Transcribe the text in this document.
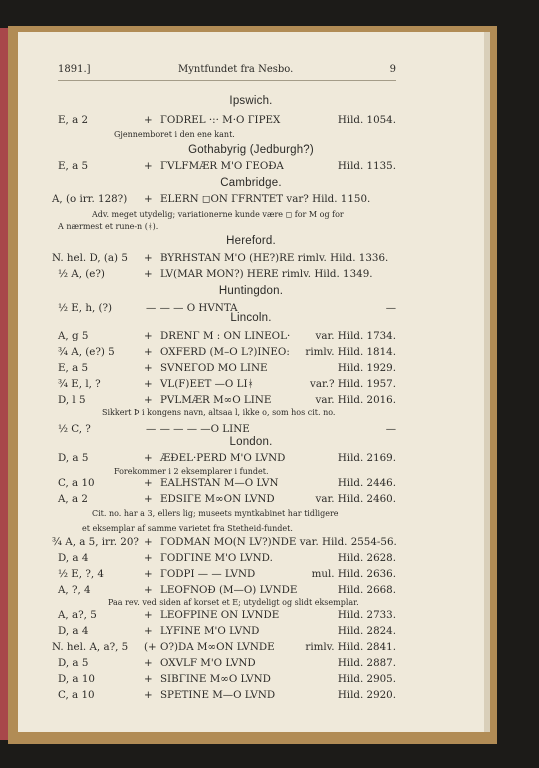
1891.]	Myntfundet fra Nesbo.	9
Ipswich.
E, a 2	+ ГODREL ·:· M·O ГIPEX	Hild. 1054.
Gjennemboret i den ene kant.
Gothabyrig (Jedburgh?)
E, a 5	+ ΓVLFMÆR M'O ГEOÐA	Hild. 1135.
Cambridge.
A, (o irr. 128?) + ELERN ◻ON ГFRNTET var? Hild. 1150.
Adv. meget utydelig; variationerne kunde være ◻ for M og for
A nærmest et rune-n (ᚼ).
Hereford.
N. hel. D, (a) 5 + BYRHSTAN M'O (HE?)RE rimlv. Hild. 1336.
½ A, (e?)	+ LV(MAR MON?) HERE rimlv. Hild. 1349.
Huntingdon.
½ E, h, (?)	— — — O HVNTA	—
Lincoln.
A, g 5	+ DRENΓ M : ON LINEOL· var. Hild. 1734.
¾ A, (e?) 5	+ OXFERD (M–O L?)INEO: rimlv. Hild. 1814.
E, a 5	+ SVNEГOD MO LINE	Hild. 1929.
¾ E, l, ?	+ VL(F)EET —O LIᚼ	var.? Hild. 1957.
D, l 5	+ PVLMÆR M∞O LINE	var. Hild. 2016.
Sikkert Þ i kongens navn, altsaa l, ikke o, som hos cit. no.
½ C, ?	— — — — —O LINE	—
London.
D, a 5	+ ÆÐEL·PERD M'O LVND	Hild. 2169.
Forekommer i 2 eksemplarer i fundet.
C, a 10	+ EALHSTAN M—O LVN	Hild. 2446.
A, a 2	+ EDSIГE M∞ON LVND	var. Hild. 2460.
Cit. no. har a 3, ellers lig; museets myntkabinet har tidligere
et eksemplar af samme varietet fra Stetheid-fundet.
¾ A, a 5, irr. 20? + ГODMAN MO(N LV?)NDE var. Hild. 2554-56.
D, a 4	+ ГODΓINE M'O LVND.	Hild. 2628.
½ E, ?, 4	+ ГODPI — — LVND	mul. Hild. 2636.
A, ?, 4	+ LEOFNOÐ (M—O) LVNDE	Hild. 2668.
Paa rev. ved siden af korset et E; utydeligt og slidt eksemplar.
A, a?, 5	+ LEOFPINE ON LVNDE	Hild. 2733.
D, a 4	+ LYFINE M'O LVND	Hild. 2824.
N. hel. A, a?, 5 (+ O?)DA M∞ON LVNDE	rimlv. Hild. 2841.
D, a 5	+ OXVLF M'O LVND	Hild. 2887.
D, a 10	+ SIBΓINE M∞O LVND	Hild. 2905.
C, a 10	+ SPETINE M—O LVND	Hild. 2920.
